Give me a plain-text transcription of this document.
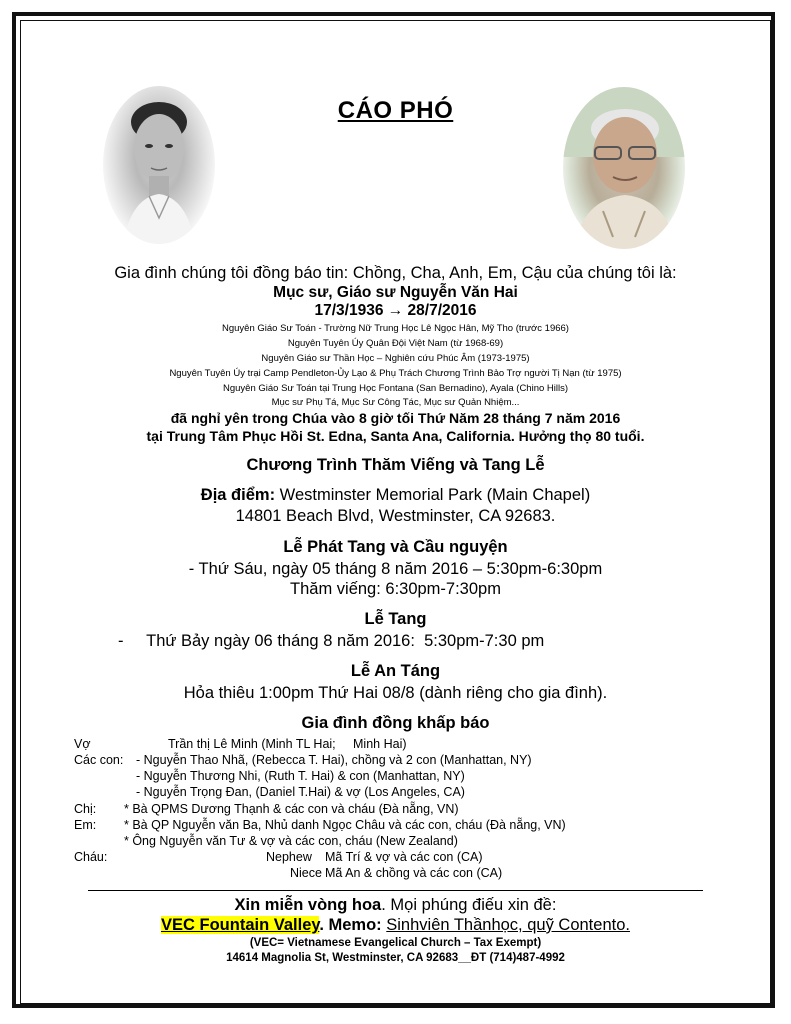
CÁO PHÓ
Gia đình chúng tôi đồng báo tin: Chồng, Cha, Anh, Em, Cậu của chúng tôi là:
Mục sư, Giáo sư Nguyễn Văn Hai
17/3/1936 → 28/7/2016
Nguyên Giáo Sư Toán - Trường Nữ Trung Học Lê Ngọc Hân, Mỹ Tho (trước 1966)
Nguyên Tuyên Úy Quân Đội Việt Nam (từ 1968-69)
Nguyên Giáo sư Thần Học – Nghiên cứu Phúc Âm (1973-1975)
Nguyên Tuyên Úy trại Camp Pendleton-Ủy Lạo & Phụ Trách Chương Trình Bảo Trợ người Tị Nạn (từ 1975)
Nguyên Giáo Sư Toán tại Trung Học Fontana (San Bernadino), Ayala (Chino Hills)
Mục sư Phụ Tá, Mục Sư Công Tác, Mục sư Quản Nhiệm...
đã nghỉ yên trong Chúa vào 8 giờ tối Thứ Năm 28 tháng 7 năm 2016
tại Trung Tâm Phục Hồi St. Edna, Santa Ana, California. Hưởng thọ 80 tuổi.
Chương Trình Thăm Viếng và Tang Lễ
Địa điểm: Westminster Memorial Park (Main Chapel)
14801 Beach Blvd, Westminster, CA 92683.
Lễ Phát Tang và Cầu nguyện
- Thứ Sáu, ngày 05 tháng 8 năm 2016 – 5:30pm-6:30pm
Thăm viếng: 6:30pm-7:30pm
Lễ Tang
-     Thứ Bảy ngày 06 tháng 8 năm 2016:  5:30pm-7:30 pm
Lễ An Táng
Hỏa thiêu 1:00pm Thứ Hai 08/8 (dành riêng cho gia đình).
Gia đình đồng khấp báo
Vợ	Trần thị Lê Minh (Minh TL Hai;     Minh Hai)
Các con: - Nguyễn Thao Nhã, (Rebecca T. Hai), chồng và 2 con (Manhattan, NY)
- Nguyễn Thương Nhi, (Ruth T. Hai) & con (Manhattan, NY)
- Nguyễn Trọng Đan, (Daniel T.Hai) & vợ (Los Angeles, CA)
Chị: * Bà QPMS Dương Thạnh & các con và cháu (Đà nẵng, VN)
Em: * Bà QP Nguyễn văn Ba, Nhủ danh Ngọc Châu và các con, cháu (Đà nẵng, VN)
* Ông Nguyễn văn Tư & vợ và các con, cháu (New Zealand)
Cháu:	Nephew Mã Trí & vợ và các con (CA)
Niece Mã An & chồng và các con (CA)
Xin miễn vòng hoa. Mọi phúng điếu xin đề:
VEC Fountain Valley. Memo: Sinhviên Thầnhọc, quỹ Contento.
(VEC= Vietnamese Evangelical Church – Tax Exempt)
14614 Magnolia St, Westminster, CA 92683__ĐT (714)487-4992
